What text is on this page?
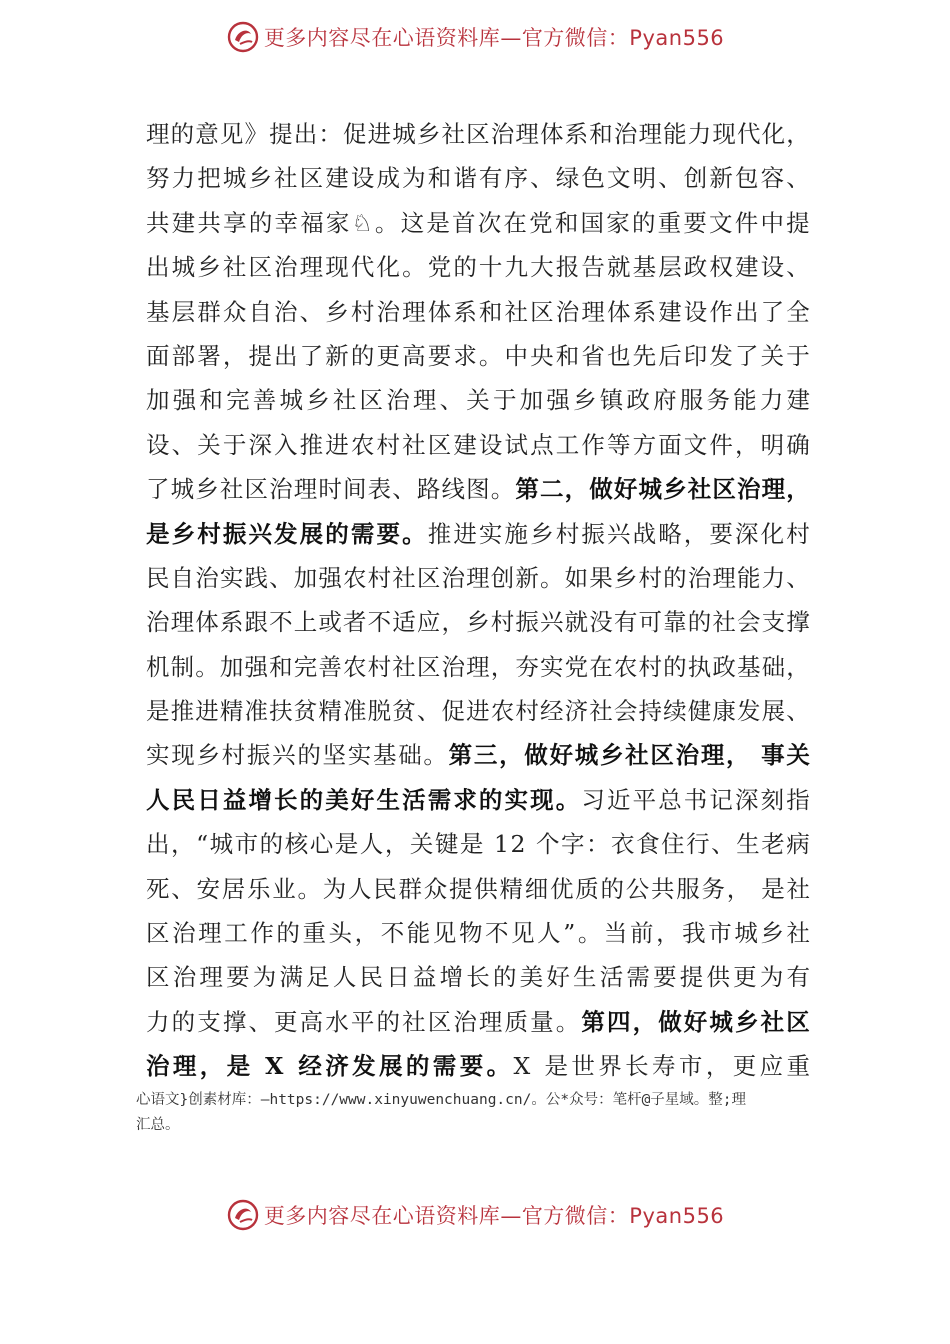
更多内容尽在心语资料库—官方微信：Pyan556
理 的 意 见 》 提 出 ： 促 进 城 乡 社 区 治 理 体 系 和 治 理 能 力 现 代 化 ，
努 力 把 城 乡 社 区 建 设 成 为 和 谐 有 序 、 绿 色 文 明 、 创 新 包 容 、
共 建 共 享 的 幸 福 家 ♘ 。 这 是 首 次 在 党 和 国 家 的 重 要 文 件 中 提
出 城 乡 社 区 治 理 现 代 化 。 党 的 十 九 大 报 告 就 基 层 政 权 建 设 、
基 层 群 众 自 治 、 乡 村 治 理 体 系 和 社 区 治 理 体 系 建 设 作 出 了 全
面 部 署 ， 提 出 了 新 的 更 高 要 求 。 中 央 和 省 也 先 后 印 发 了 关 于
加 强 和 完 善 城 乡 社 区 治 理 、 关 于 加 强 乡 镇 政 府 服 务 能 力 建
设 、 关 于 深 入 推 进 农 村 社 区 建 设 试 点 工 作 等 方 面 文 件 ， 明 确
了 城 乡 社 区 治 理 时 间 表 、 路 线 图 。 第 二 ， 做 好 城 乡 社 区 治 理 ，
是 乡 村 振 兴 发 展 的 需 要 。 推 进 实 施 乡 村 振 兴 战 略 ， 要 深 化 村
民 自 治 实 践 、 加 强 农 村 社 区 治 理 创 新 。 如 果 乡 村 的 治 理 能 力 、
治 理 体 系 跟 不 上 或 者 不 适 应 ， 乡 村 振 兴 就 没 有 可 靠 的 社 会 支 撑
机 制 。 加 强 和 完 善 农 村 社 区 治 理 ， 夯 实 党 在 农 村 的 执 政 基 础 ，
是 推 进 精 准 扶 贫 精 准 脱 贫 、 促 进 农 村 经 济 社 会 持 续 健 康 发 展 、
实 现 乡 村 振 兴 的 坚 实 基 础 。 第 三 ， 做 好 城 乡 社 区 治 理 ，
事 关
人 民 日 益 增 长 的 美 好 生 活 需 求 的 实 现 。 习 近 平 总 书 记 深 刻 指
出 ， “ 城 市 的 核 心 是 人 ， 关 键 是
1 2
个 字 ： 衣 食 住 行 、 生 老 病
死 、 安 居 乐 业 。 为 人 民 群 众 提 供 精 细 优 质 的 公 共 服 务 ，
是 社
区 治 理 工 作 的 重 头 ， 不 能 见 物 不 见 人 ” 。 当 前 ， 我 市 城 乡 社
区 治 理 要 为 满 足 人 民 日 益 增 长 的 美 好 生 活 需 要 提 供 更 为 有
力 的 支 撑 、 更 高 水 平 的 社 区 治 理 质 量 。 第 四 ， 做 好 城 乡 社 区
治 理 ， 是
X
经 济 发 展 的 需 要 。 X
是 世 界 长 寿 市 ， 更 应 重
心语文}创素材库：—https://www.xinyuwenchuang.cn/。公*众号：笔杆@子星域。整;理
汇总。
更多内容尽在心语资料库—官方微信：Pyan556
